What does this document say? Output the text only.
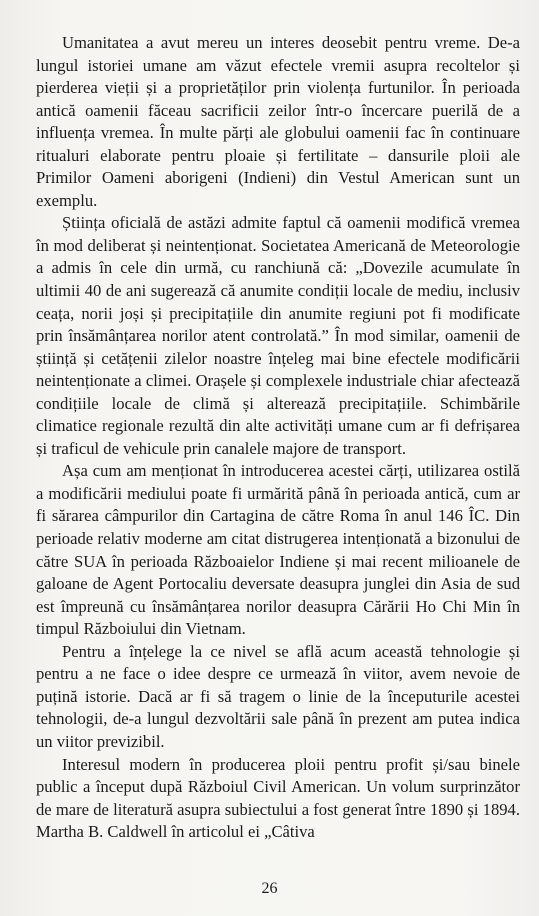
Umanitatea a avut mereu un interes deosebit pentru vreme. De-a lungul istoriei umane am văzut efectele vremii asupra recoltelor și pierderea vieții și a proprietăților prin violența furtunilor. În perioada antică oamenii făceau sacrificii zeilor într-o încercare puerilă de a influența vremea. În multe părți ale globului oamenii fac în continuare ritualuri elaborate pentru ploaie și fertilitate – dansurile ploii ale Primilor Oameni aborigeni (Indieni) din Vestul American sunt un exemplu.

Știința oficială de astăzi admite faptul că oamenii modifică vremea în mod deliberat și neintenționat. Societatea Americană de Meteorologie a admis în cele din urmă, cu ranchiună că: „Dovezile acumulate în ultimii 40 de ani sugerează că anumite condiții locale de mediu, inclusiv ceața, norii joși și precipitațiile din anumite regiuni pot fi modificate prin însămânțarea norilor atent controlată.” În mod similar, oamenii de știință și cetățenii zilelor noastre înțeleg mai bine efectele modificării neintenționate a climei. Orașele și complexele industriale chiar afectează condițiile locale de climă și alterează precipitațiile. Schimbările climatice regionale rezultă din alte activități umane cum ar fi defrișarea și traficul de vehicule prin canalele majore de transport.

Așa cum am menționat în introducerea acestei cărți, utilizarea ostilă a modificării mediului poate fi urmărită până în perioada antică, cum ar fi sărarea câmpurilor din Cartagina de către Roma în anul 146 ÎC. Din perioade relativ moderne am citat distrugerea intenționată a bizonului de către SUA în perioada Războaielor Indiene și mai recent milioanele de galoane de Agent Portocaliu deversate deasupra junglei din Asia de sud est împreună cu însămânțarea norilor deasupra Cărării Ho Chi Min în timpul Războiului din Vietnam.

Pentru a înțelege la ce nivel se află acum această tehnologie și pentru a ne face o idee despre ce urmează în viitor, avem nevoie de puțină istorie. Dacă ar fi să tragem o linie de la începuturile acestei tehnologii, de-a lungul dezvoltării sale până în prezent am putea indica un viitor previzibil.

Interesul modern în producerea ploii pentru profit și/sau binele public a început după Războiul Civil American. Un volum surprinzător de mare de literatură asupra subiectului a fost generat între 1890 și 1894. Martha B. Caldwell în articolul ei „Câtiva

26
